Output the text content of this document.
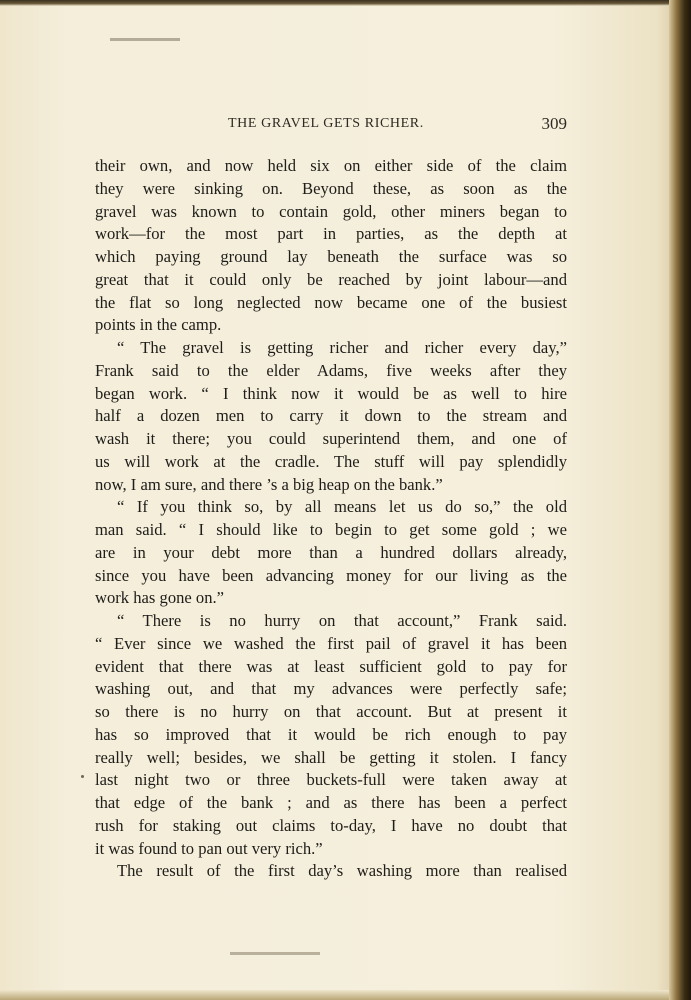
THE GRAVEL GETS RICHER.	309
their own, and now held six on either side of the claim
they were sinking on. Beyond these, as soon as the
gravel was known to contain gold, other miners began to
work—for the most part in parties, as the depth at
which paying ground lay beneath the surface was so
great that it could only be reached by joint labour—and
the flat so long neglected now became one of the busiest
points in the camp.
“ The gravel is getting richer and richer every day,”
Frank said to the elder Adams, five weeks after they
began work. “ I think now it would be as well to hire
half a dozen men to carry it down to the stream and
wash it there; you could superintend them, and one of
us will work at the cradle. The stuff will pay splendidly
now, I am sure, and there ’s a big heap on the bank.”
“ If you think so, by all means let us do so,” the old
man said. “ I should like to begin to get some gold ; we
are in your debt more than a hundred dollars already,
since you have been advancing money for our living as the
work has gone on.”
“ There is no hurry on that account,” Frank said.
“ Ever since we washed the first pail of gravel it has been
evident that there was at least sufficient gold to pay for
washing out, and that my advances were perfectly safe;
so there is no hurry on that account. But at present it
has so improved that it would be rich enough to pay
really well; besides, we shall be getting it stolen. I fancy
last night two or three buckets-full were taken away at
that edge of the bank ; and as there has been a perfect
rush for staking out claims to-day, I have no doubt that
it was found to pan out very rich.”
The result of the first day’s washing more than realised
